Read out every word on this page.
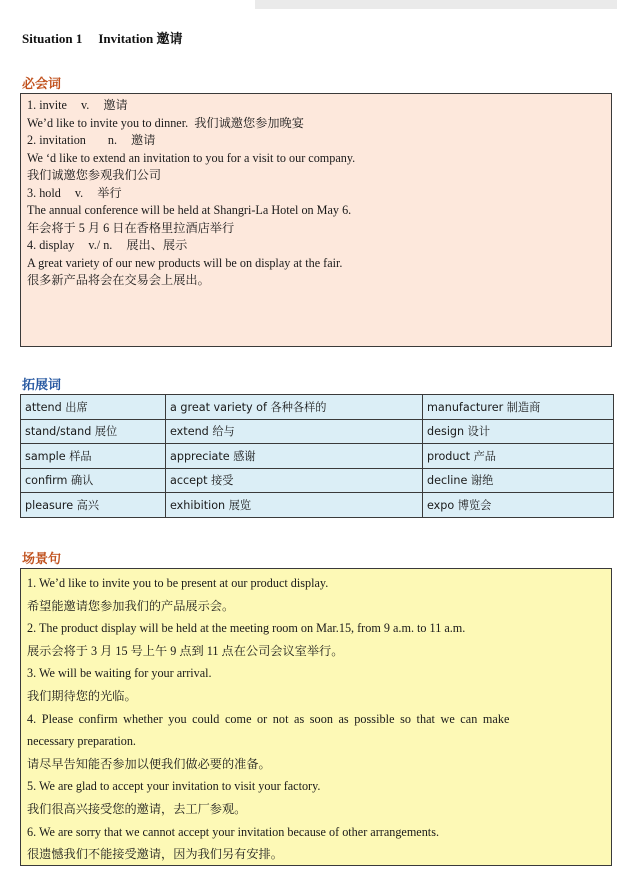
Situation 1 Invitation 邀请
必会词
1. invite v. 邀请
We’d like to invite you to dinner. 我们诚邀您参加晚宴
2. invitation n. 邀请
We ‘d like to extend an invitation to you for a visit to our company.
我们诚邀您参观我们公司
3. hold v. 举行
The annual conference will be held at Shangri-La Hotel on May 6.
年会将于 5 月 6 日在香格里拉酒店举行
4. display v./ n. 展出、展示
A great variety of our new products will be on display at the fair.
很多新产品将会在交易会上展出。
拓展词
attend 出席	a great variety of 各种各样的	manufacturer 制造商
stand/stand 展位	extend 给与	design 设计
sample 样品	appreciate 感谢	product 产品
confirm 确认	accept 接受	decline 谢绝
pleasure 高兴	exhibition 展览	expo 博览会
场景句
1. We’d like to invite you to be present at our product display.
希望能邀请您参加我们的产品展示会。
2. The product display will be held at the meeting room on Mar.15, from 9 a.m. to 11 a.m.
展示会将于 3 月 15 号上午 9 点到 11 点在公司会议室举行。
3. We will be waiting for your arrival.
我们期待您的光临。
4. Please confirm whether you could come or not as soon as possible so that we can make
necessary preparation.
请尽早告知能否参加以便我们做必要的准备。
5. We are glad to accept your invitation to visit your factory.
我们很高兴接受您的邀请，去工厂参观。
6. We are sorry that we cannot accept your invitation because of other arrangements.
很遗憾我们不能接受邀请，因为我们另有安排。
